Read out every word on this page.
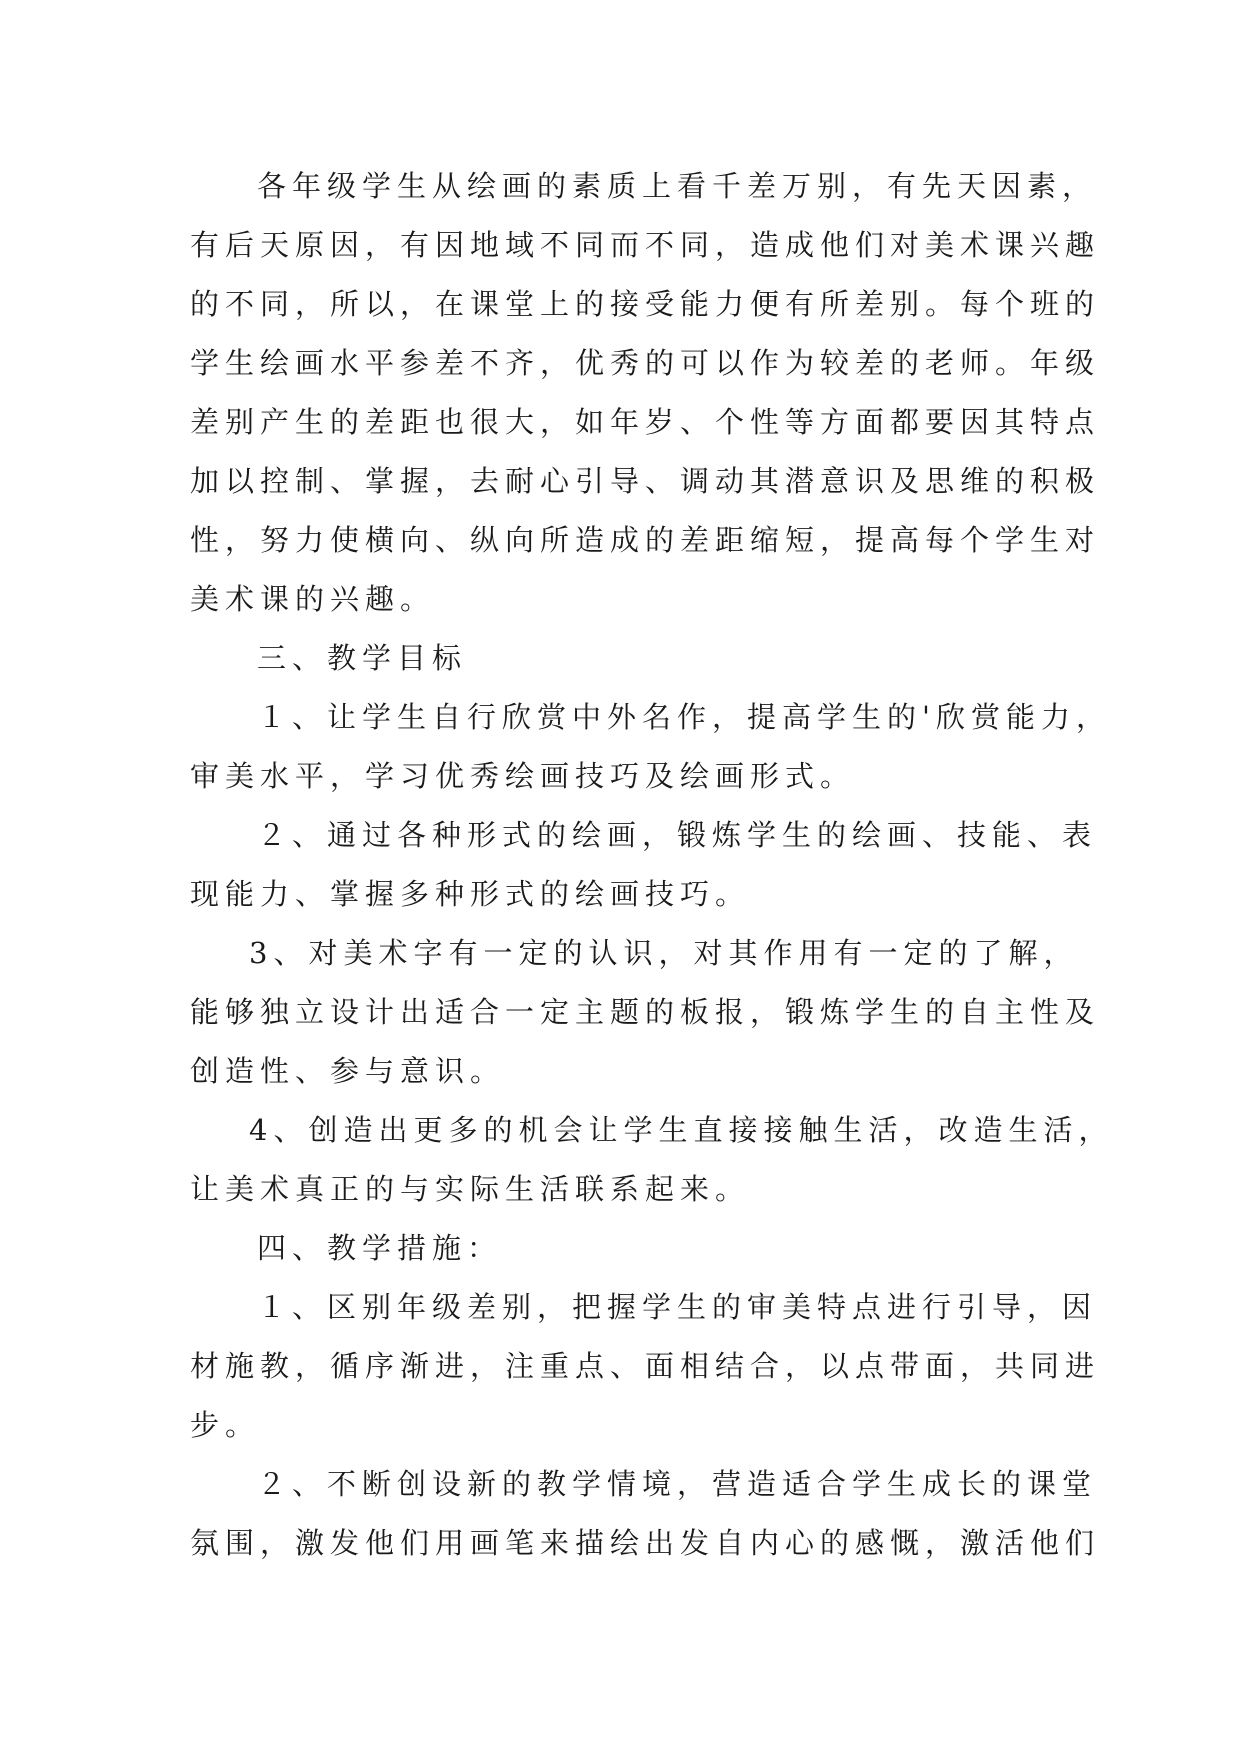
各年级学生从绘画的素质上看千差万别，有先天因素，
有后天原因，有因地域不同而不同，造成他们对美术课兴趣
的不同，所以，在课堂上的接受能力便有所差别。每个班的
学生绘画水平参差不齐，优秀的可以作为较差的老师。年级
差别产生的差距也很大，如年岁、个性等方面都要因其特点
加以控制、掌握，去耐心引导、调动其潜意识及思维的积极
性，努力使横向、纵向所造成的差距缩短，提高每个学生对
美术课的兴趣。
三、教学目标
１、让学生自行欣赏中外名作，提高学生的'欣赏能力，
审美水平，学习优秀绘画技巧及绘画形式。
２、通过各种形式的绘画，锻炼学生的绘画、技能、表
现能力、掌握多种形式的绘画技巧。
3、对美术字有一定的认识，对其作用有一定的了解，
能够独立设计出适合一定主题的板报，锻炼学生的自主性及
创造性、参与意识。
4、创造出更多的机会让学生直接接触生活，改造生活，
让美术真正的与实际生活联系起来。
四、教学措施：
１、区别年级差别，把握学生的审美特点进行引导，因
材施教，循序渐进，注重点、面相结合，以点带面，共同进
步。
２、不断创设新的教学情境，营造适合学生成长的课堂
氛围，激发他们用画笔来描绘出发自内心的感慨，激活他们
